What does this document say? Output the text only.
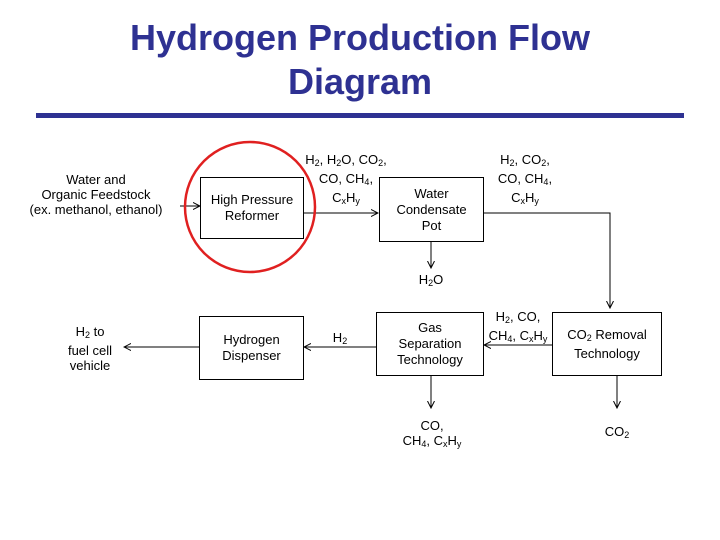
Hydrogen Production Flow
Diagram
High Pressure Reformer
Water Condensate Pot
$CO_2$ Removal Technology
Gas Separation Technology
Hydrogen Dispenser
Water and
Organic Feedstock
(ex. methanol, ethanol)
$H_2$, $H_2O$, $CO_2$,
CO, $CH_4$,
$C_xH_y$
$H_2$, $CO_2$,
CO, $CH_4$,
$C_xH_y$
$H_2O$
$H_2$, CO,
$CH_4$, $C_xH_y$
$CO_2$
CO,
$CH_4$, $C_xH_y$
$H_2$
$H_2$ to
fuel cell
vehicle
